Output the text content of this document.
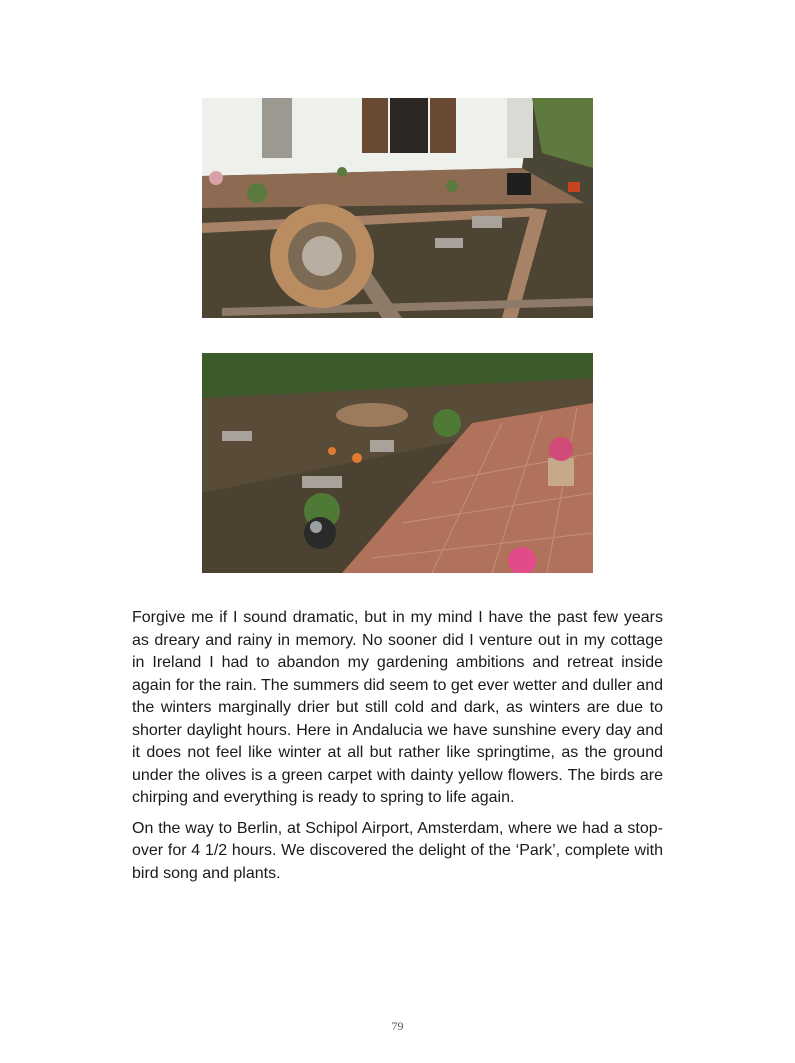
Forgive me if I sound dramatic, but in my mind I have the past few years as dreary and rainy in memory. No sooner did I venture out in my cottage in Ireland I had to abandon my gardening ambitions and retreat inside again for the rain. The summers did seem to get ever wetter and duller and the winters marginally drier but still cold and dark, as winters are due to shorter daylight hours. Here in Andalucia we have sunshine every day and it does not feel like winter at all but rather like springtime, as the ground under the olives is a green carpet with dainty yellow flowers. The birds are chirping and everything is ready to spring to life again.

On the way to Berlin, at Schipol Airport, Amsterdam, where we had a stop-over for 4 1/2 hours. We discovered the delight of the ‘Park’, complete with bird song and plants.

79
